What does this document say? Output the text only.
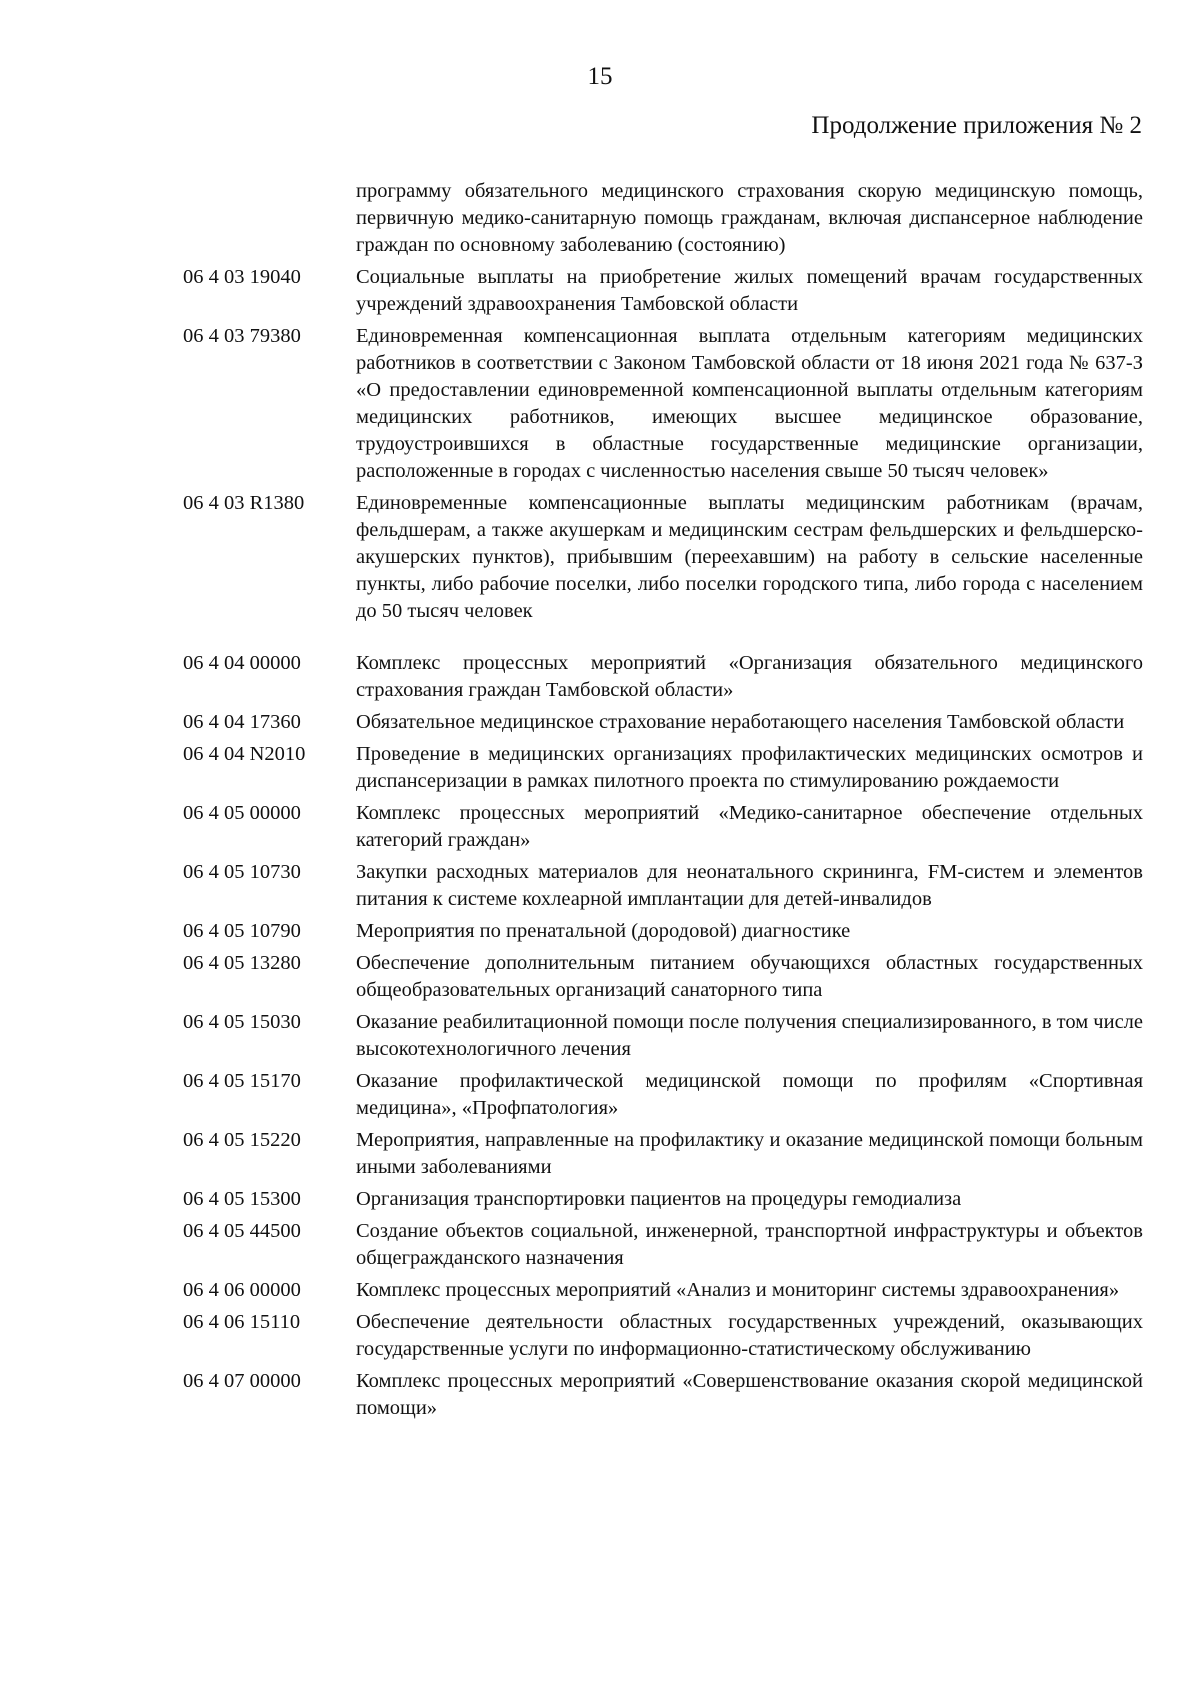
15
Продолжение приложения № 2
программу обязательного медицинского страхования скорую медицинскую помощь, первичную медико-санитарную помощь гражданам, включая диспансерное наблюдение граждан по основному заболеванию (состоянию)
06 4 03 19040	Социальные выплаты на приобретение жилых помещений врачам государственных учреждений здравоохранения Тамбовской области
06 4 03 79380	Единовременная компенсационная выплата отдельным категориям медицинских работников в соответствии с Законом Тамбовской области от 18 июня 2021 года № 637-З «О предоставлении единовременной компенсационной выплаты отдельным категориям медицинских работников, имеющих высшее медицинское образование, трудоустроившихся в областные государственные медицинские организации, расположенные в городах с численностью населения свыше 50 тысяч человек»
06 4 03 R1380	Единовременные компенсационные выплаты медицинским работникам (врачам, фельдшерам, а также акушеркам и медицинским сестрам фельдшерских и фельдшерско-акушерских пунктов), прибывшим (переехавшим) на работу в сельские населенные пункты, либо рабочие поселки, либо поселки городского типа, либо города с населением до 50 тысяч человек
06 4 04 00000	Комплекс процессных мероприятий «Организация обязательного медицинского страхования граждан Тамбовской области»
06 4 04 17360	Обязательное медицинское страхование неработающего населения Тамбовской области
06 4 04 N2010	Проведение в медицинских организациях профилактических медицинских осмотров и диспансеризации в рамках пилотного проекта по стимулированию рождаемости
06 4 05 00000	Комплекс процессных мероприятий «Медико-санитарное обеспечение отдельных категорий граждан»
06 4 05 10730	Закупки расходных материалов для неонатального скрининга, FM-систем и элементов питания к системе кохлеарной имплантации для детей-инвалидов
06 4 05 10790	Мероприятия по пренатальной (дородовой) диагностике
06 4 05 13280	Обеспечение дополнительным питанием обучающихся областных государственных общеобразовательных организаций санаторного типа
06 4 05 15030	Оказание реабилитационной помощи после получения специализированного, в том числе высокотехнологичного лечения
06 4 05 15170	Оказание профилактической медицинской помощи по профилям «Спортивная медицина», «Профпатология»
06 4 05 15220	Мероприятия, направленные на профилактику и оказание медицинской помощи больным иными заболеваниями
06 4 05 15300	Организация транспортировки пациентов на процедуры гемодиализа
06 4 05 44500	Создание объектов социальной, инженерной, транспортной инфраструктуры и объектов общегражданского назначения
06 4 06 00000	Комплекс процессных мероприятий «Анализ и мониторинг системы здравоохранения»
06 4 06 15110	Обеспечение деятельности областных государственных учреждений, оказывающих государственные услуги по информационно-статистическому обслуживанию
06 4 07 00000	Комплекс процессных мероприятий «Совершенствование оказания скорой медицинской помощи»
